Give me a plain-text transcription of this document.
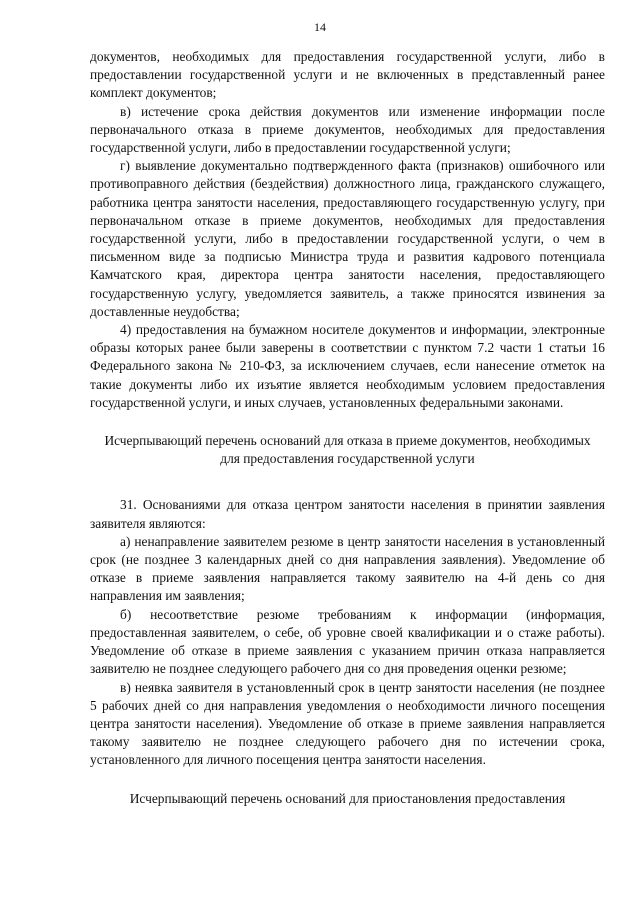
14

документов, необходимых для предоставления государственной услуги, либо в предоставлении государственной услуги и не включенных в представленный ранее комплект документов;

в) истечение срока действия документов или изменение информации после первоначального отказа в приеме документов, необходимых для предоставления государственной услуги, либо в предоставлении государственной услуги;

г) выявление документально подтвержденного факта (признаков) ошибочного или противоправного действия (бездействия) должностного лица, гражданского служащего, работника центра занятости населения, предоставляющего государственную услугу, при первоначальном отказе в приеме документов, необходимых для предоставления государственной услуги, либо в предоставлении государственной услуги, о чем в письменном виде за подписью Министра труда и развития кадрового потенциала Камчатского края, директора центра занятости населения, предоставляющего государственную услугу, уведомляется заявитель, а также приносятся извинения за доставленные неудобства;

4) предоставления на бумажном носителе документов и информации, электронные образы которых ранее были заверены в соответствии с пунктом 7.2 части 1 статьи 16 Федерального закона № 210-ФЗ, за исключением случаев, если нанесение отметок на такие документы либо их изъятие является необходимым условием предоставления государственной услуги, и иных случаев, установленных федеральными законами.

Исчерпывающий перечень оснований для отказа в приеме документов, необходимых для предоставления государственной услуги

31. Основаниями для отказа центром занятости населения в принятии заявления заявителя являются:

а) ненаправление заявителем резюме в центр занятости населения в установленный срок (не позднее 3 календарных дней со дня направления заявления). Уведомление об отказе в приеме заявления направляется такому заявителю на 4-й день со дня направления им заявления;

б) несоответствие резюме требованиям к информации (информация, предоставленная заявителем, о себе, об уровне своей квалификации и о стаже работы). Уведомление об отказе в приеме заявления с указанием причин отказа направляется заявителю не позднее следующего рабочего дня со дня проведения оценки резюме;

в) неявка заявителя в установленный срок в центр занятости населения (не позднее 5 рабочих дней со дня направления уведомления о необходимости личного посещения центра занятости населения). Уведомление об отказе в приеме заявления направляется такому заявителю не позднее следующего рабочего дня по истечении срока, установленного для личного посещения центра занятости населения.

Исчерпывающий перечень оснований для приостановления предоставления
